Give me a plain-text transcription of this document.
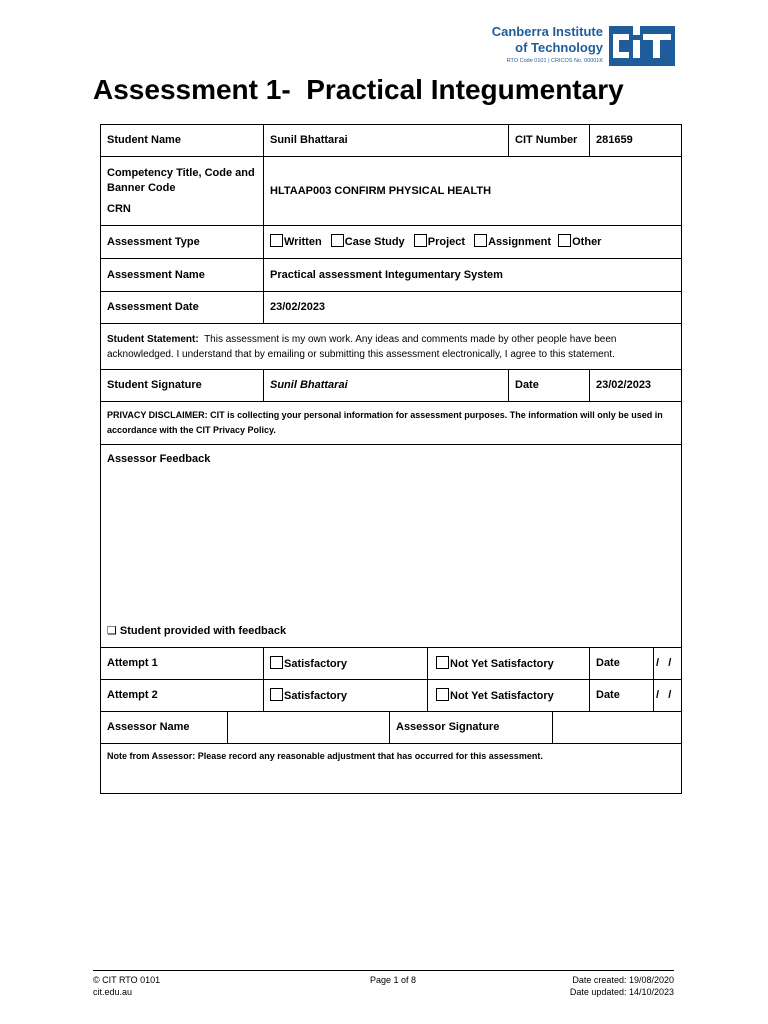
Canberra Institute
of Technology
RTO Code 0101 | CRICOS No. 00001K
Assessment 1-  Practical Integumentary
Student Name	Sunil Bhattarai		CIT Number	281659	

Competency Title, Code and Banner Code
CRN	HLTAAP003 CONFIRM PHYSICAL HEALTH				
Assessment Type	Written Case Study Project Assignment Other				
Assessment Name	Practical assessment Integumentary System				
Assessment Date	23/02/2023				
Student Statement: This assessment is my own work. Any ideas and comments made by other people have been acknowledged. I understand that by emailing or submitting this assessment electronically, I agree to this statement.					
Student Signature	Sunil Bhattarai		Date	23/02/2023	
PRIVACY DISCLAIMER: CIT is collecting your personal information for assessment purposes. The information will only be used in accordance with the CIT Privacy Policy.					

Assessor Feedback
❑ Student provided with feedback					

Attempt 1	Satisfactory	Not Yet Satisfactory		Date	/   /
Attempt 2	Satisfactory	Not Yet Satisfactory		Date	/   /
Assessor Name		Assessor Signature	
Note from Assessor: Please record any reasonable adjustment that has occurred for this assessment.
© CIT RTO 0101
cit.edu.au
Page 1 of 8	Date created: 19/08/2020
Date updated: 14/10/2023
